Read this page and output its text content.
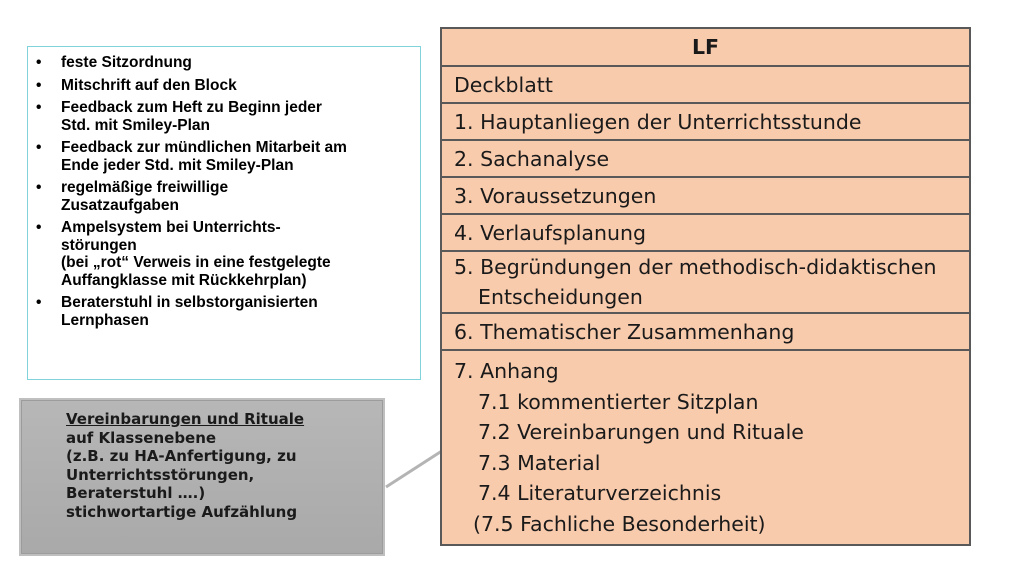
• feste Sitzordnung
• Mitschrift auf den Block
• Feedback zum Heft zu Beginn jeder
Std. mit Smiley-Plan
• Feedback zur mündlichen Mitarbeit am
Ende jeder Std. mit Smiley-Plan
• regelmäßige freiwillige
Zusatzaufgaben
• Ampelsystem bei Unterrichts-
störungen
(bei „rot“ Verweis in eine festgelegte
Auffangklasse mit Rückkehrplan)
• Beraterstuhl in selbstorganisierten
Lernphasen
Vereinbarungen und Rituale
auf Klassenebene
(z.B. zu HA-Anfertigung, zu
Unterrichtsstörungen,
Beraterstuhl ….)
stichwortartige Aufzählung
LF
Deckblatt
1. Hauptanliegen der Unterrichtsstunde
2. Sachanalyse
3. Voraussetzungen
4. Verlaufsplanung

5. Begründungen der methodisch-didaktischen
Entscheidungen

6. Thematischer Zusammenhang

7. Anhang
7.1 kommentierter Sitzplan
7.2 Vereinbarungen und Rituale
7.3 Material
7.4 Literaturverzeichnis
(7.5 Fachliche Besonderheit)
